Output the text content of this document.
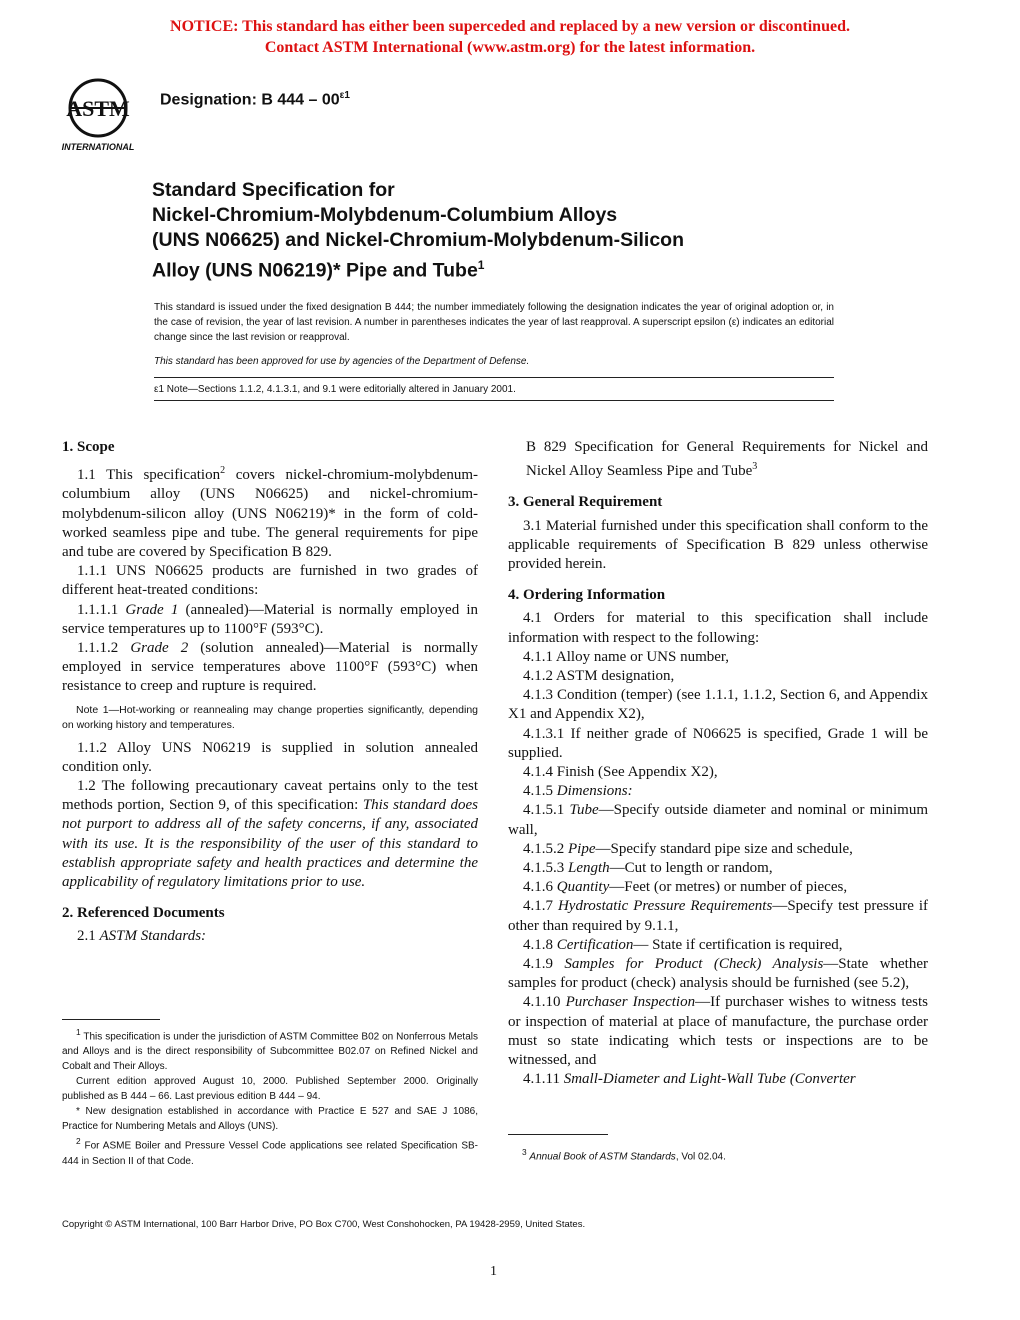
NOTICE: This standard has either been superceded and replaced by a new version or discontinued.
Contact ASTM International (www.astm.org) for the latest information.
ASTM
INTERNATIONAL
Designation: B $444 - 00^{\varepsilon 1}$
Standard Specification for
Nickel-Chromium-Molybdenum-Columbium Alloys
(UNS N06625) and Nickel-Chromium-Molybdenum-Silicon
Alloy (UNS N06219)* Pipe and Tube$^1$
This standard is issued under the fixed designation B 444; the number immediately following the designation indicates the year of original adoption or, in the case of revision, the year of last revision. A number in parentheses indicates the year of last reapproval. A superscript epsilon (ε) indicates an editorial change since the last revision or reapproval.
This standard has been approved for use by agencies of the Department of Defense.
ε1 Note—Sections 1.1.2, 4.1.3.1, and 9.1 were editorially altered in January 2001.

1. Scope

1.1 This specification$^2$ covers nickel-chromium-molybdenum-columbium alloy (UNS N06625) and nickel-chromium-molybdenum-silicon alloy (UNS N06219)* in the form of cold-worked seamless pipe and tube. The general requirements for pipe and tube are covered by Specification B 829.

1.1.1 UNS N06625 products are furnished in two grades of different heat-treated conditions:

1.1.1.1 Grade 1 (annealed)—Material is normally employed in service temperatures up to 1100°F (593°C).

1.1.1.2 Grade 2 (solution annealed)—Material is normally employed in service temperatures above 1100°F (593°C) when resistance to creep and rupture is required.

Note 1—Hot-working or reannealing may change properties significantly, depending on working history and temperatures.

1.1.2 Alloy UNS N06219 is supplied in solution annealed condition only.

1.2 The following precautionary caveat pertains only to the test methods portion, Section 9, of this specification: This standard does not purport to address all of the safety concerns, if any, associated with its use. It is the responsibility of the user of this standard to establish appropriate safety and health practices and determine the applicability of regulatory limitations prior to use.

2. Referenced Documents

2.1 ASTM Standards:

$^1$ This specification is under the jurisdiction of ASTM Committee B02 on Nonferrous Metals and Alloys and is the direct responsibility of Subcommittee B02.07 on Refined Nickel and Cobalt and Their Alloys.

Current edition approved August 10, 2000. Published September 2000. Originally published as B 444 – 66. Last previous edition B 444 – 94.

* New designation established in accordance with Practice E 527 and SAE J 1086, Practice for Numbering Metals and Alloys (UNS).

$^2$ For ASME Boiler and Pressure Vessel Code applications see related Specification SB-444 in Section II of that Code.

B 829 Specification for General Requirements for Nickel and Nickel Alloy Seamless Pipe and Tube$^3$

3. General Requirement

3.1 Material furnished under this specification shall conform to the applicable requirements of Specification B 829 unless otherwise provided herein.

4. Ordering Information

4.1 Orders for material to this specification shall include information with respect to the following:

4.1.1 Alloy name or UNS number,

4.1.2 ASTM designation,

4.1.3 Condition (temper) (see 1.1.1, 1.1.2, Section 6, and Appendix X1 and Appendix X2),

4.1.3.1 If neither grade of N06625 is specified, Grade 1 will be supplied.

4.1.4 Finish (See Appendix X2),

4.1.5 Dimensions:

4.1.5.1 Tube—Specify outside diameter and nominal or minimum wall,

4.1.5.2 Pipe—Specify standard pipe size and schedule,

4.1.5.3 Length—Cut to length or random,

4.1.6 Quantity—Feet (or metres) or number of pieces,

4.1.7 Hydrostatic Pressure Requirements—Specify test pressure if other than required by 9.1.1,

4.1.8 Certification— State if certification is required,

4.1.9 Samples for Product (Check) Analysis—State whether samples for product (check) analysis should be furnished (see 5.2),

4.1.10 Purchaser Inspection—If purchaser wishes to witness tests or inspection of material at place of manufacture, the purchase order must so state indicating which tests or inspections are to be witnessed, and

4.1.11 Small-Diameter and Light-Wall Tube (Converter

$^3$ Annual Book of ASTM Standards, Vol 02.04.

Copyright © ASTM International, 100 Barr Harbor Drive, PO Box C700, West Conshohocken, PA 19428-2959, United States.
1
